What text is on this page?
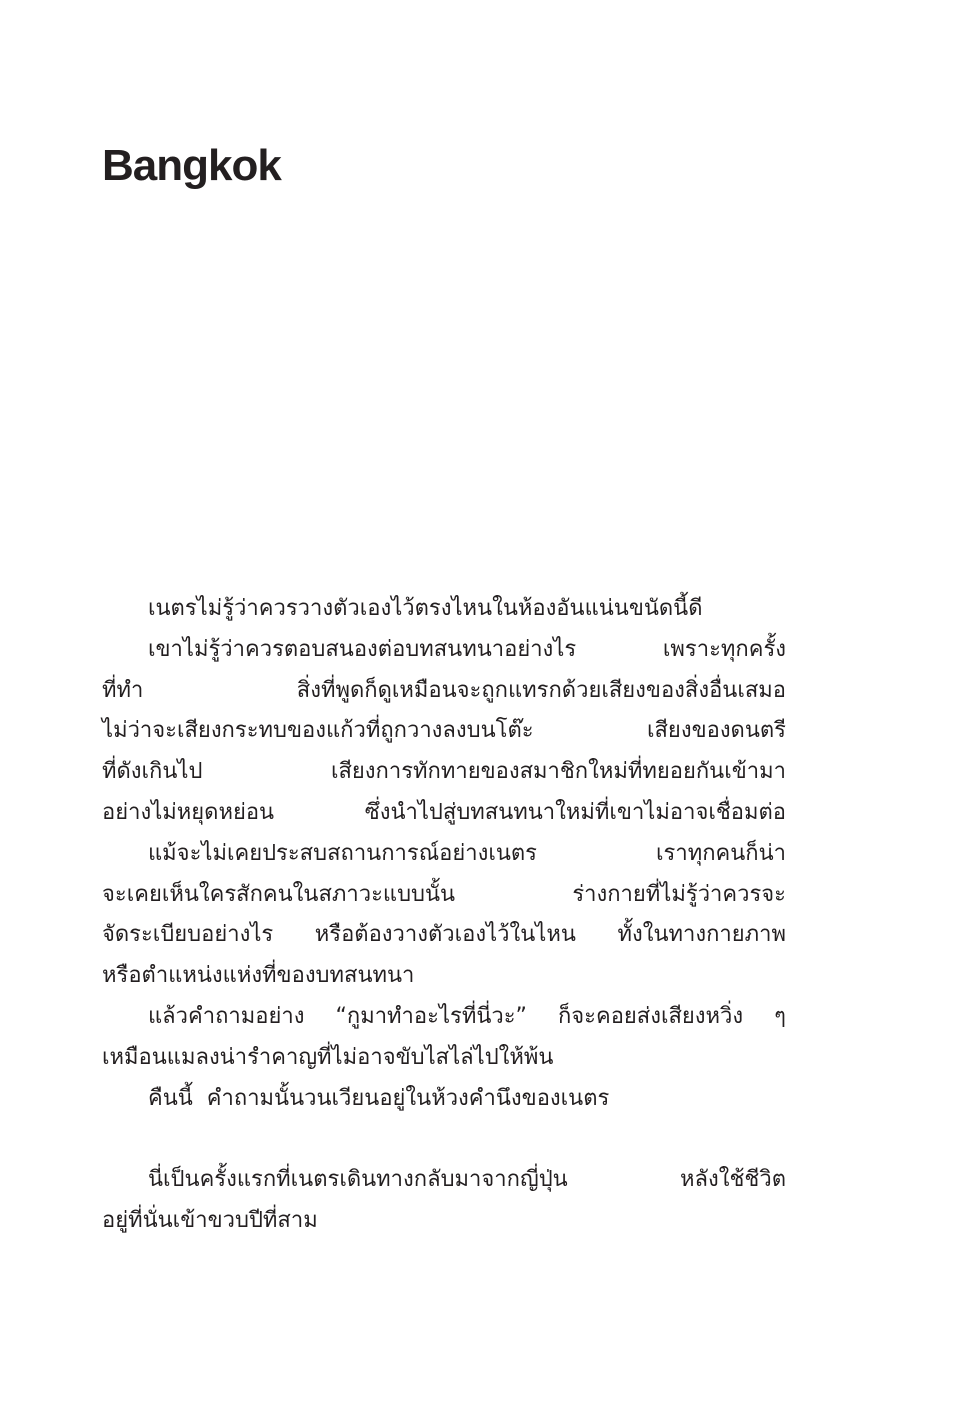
Bangkok
เนตรไม่รู้ว่าควรวางตัวเองไว้ตรงไหนในห้องอันแน่นขนัดนี้ดี
เขาไม่รู้ว่าควรตอบสนองต่อบทสนทนาอย่างไร	เพราะทุกครั้ง
ที่ทำ	สิ่งที่พูดก็ดูเหมือนจะถูกแทรกด้วยเสียงของสิ่งอื่นเสมอ
ไม่ว่าจะเสียงกระทบของแก้วที่ถูกวางลงบนโต๊ะ	เสียงของดนตรี
ที่ดังเกินไป	เสียงการทักทายของสมาชิกใหม่ที่ทยอยกันเข้ามา
อย่างไม่หยุดหย่อน	ซึ่งนำไปสู่บทสนทนาใหม่ที่เขาไม่อาจเชื่อมต่อ
แม้จะไม่เคยประสบสถานการณ์อย่างเนตร	เราทุกคนก็น่า
จะเคยเห็นใครสักคนในสภาวะแบบนั้น	ร่างกายที่ไม่รู้ว่าควรจะ
จัดระเบียบอย่างไร หรือต้องวางตัวเองไว้ในไหน ทั้งในทางกายภาพ
หรือตำแหน่งแห่งที่ของบทสนทนา
แล้วคำถามอย่าง “กูมาทำอะไรที่นี่วะ” ก็จะคอยส่งเสียงหวิ่ง ๆ
เหมือนแมลงน่ารำคาญที่ไม่อาจขับไสไล่ไปให้พ้น
คืนนี้ คำถามนั้นวนเวียนอยู่ในห้วงคำนึงของเนตร
นี่เป็นครั้งแรกที่เนตรเดินทางกลับมาจากญี่ปุ่น	หลังใช้ชีวิต
อยู่ที่นั่นเข้าขวบปีที่สาม
